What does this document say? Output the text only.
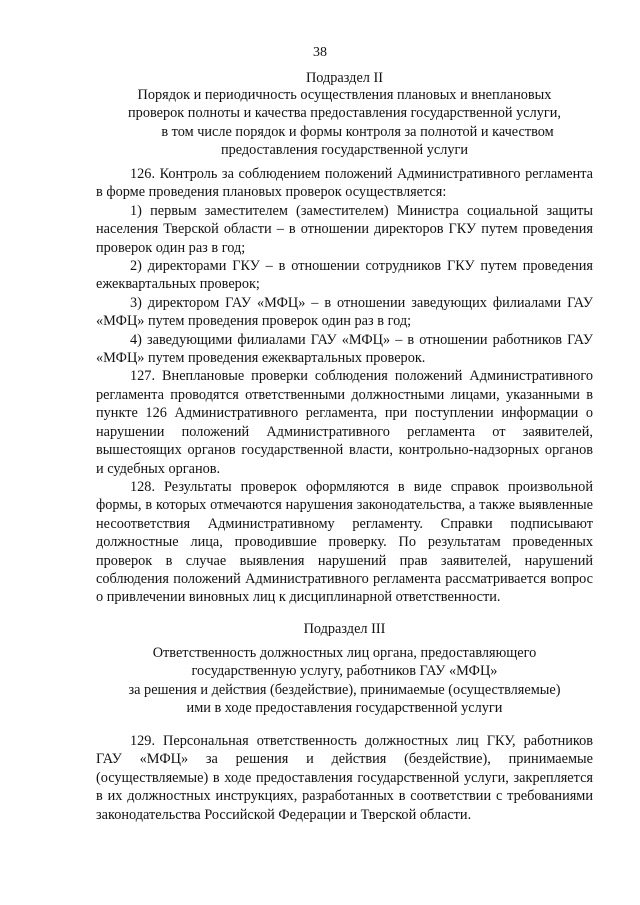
38
Подраздел II
Порядок и периодичность осуществления плановых и внеплановых
проверок полноты и качества предоставления государственной услуги,
в том числе порядок и формы контроля за полнотой и качеством
предоставления государственной услуги

126. Контроль за соблюдением положений Административного регламента в форме проведения плановых проверок осуществляется:

1) первым заместителем (заместителем) Министра социальной защиты населения Тверской области – в отношении директоров ГКУ путем проведения проверок один раз в год;

2) директорами ГКУ – в отношении сотрудников ГКУ путем проведения ежеквартальных проверок;

3) директором ГАУ «МФЦ» – в отношении заведующих филиалами ГАУ «МФЦ» путем проведения проверок один раз в год;

4) заведующими филиалами ГАУ «МФЦ» – в отношении работников ГАУ «МФЦ» путем проведения ежеквартальных проверок.

127. Внеплановые проверки соблюдения положений Административного регламента проводятся ответственными должностными лицами, указанными в пункте 126 Административного регламента, при поступлении информации о нарушении положений Административного регламента от заявителей, вышестоящих органов государственной власти, контрольно-надзорных органов и судебных органов.

128. Результаты проверок оформляются в виде справок произвольной формы, в которых отмечаются нарушения законодательства, а также выявленные несоответствия Административному регламенту. Справки подписывают должностные лица, проводившие проверку. По результатам проведенных проверок в случае выявления нарушений прав заявителей, нарушений соблюдения положений Административного регламента рассматривается вопрос о привлечении виновных лиц к дисциплинарной ответственности.

Подраздел III
Ответственность должностных лиц органа, предоставляющего
государственную услугу, работников ГАУ «МФЦ»
за решения и действия (бездействие), принимаемые (осуществляемые)
ими в ходе предоставления государственной услуги

129. Персональная ответственность должностных лиц ГКУ, работников ГАУ «МФЦ» за решения и действия (бездействие), принимаемые (осуществляемые) в ходе предоставления государственной услуги, закрепляется в их должностных инструкциях, разработанных в соответствии с требованиями законодательства Российской Федерации и Тверской области.
